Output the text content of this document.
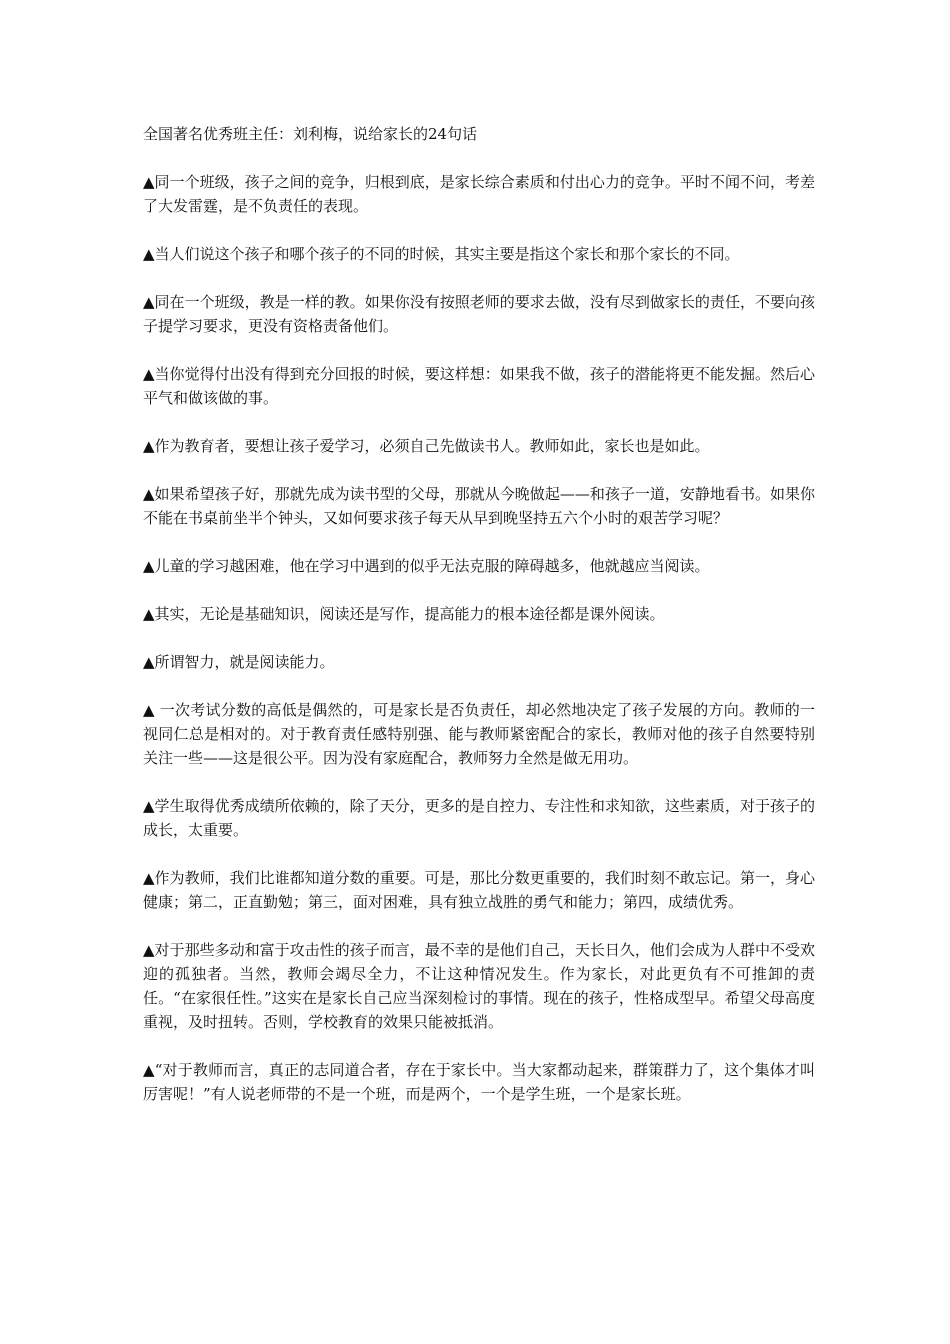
全国著名优秀班主任：刘利梅，说给家长的24句话

▲同一个班级，孩子之间的竞争，归根到底，是家长综合素质和付出心力的竞争。平时不闻不问，考差了大发雷霆，是不负责任的表现。

▲当人们说这个孩子和哪个孩子的不同的时候，其实主要是指这个家长和那个家长的不同。

▲同在一个班级，教是一样的教。如果你没有按照老师的要求去做，没有尽到做家长的责任，不要向孩子提学习要求，更没有资格责备他们。

▲当你觉得付出没有得到充分回报的时候，要这样想：如果我不做，孩子的潜能将更不能发掘。然后心平气和做该做的事。

▲作为教育者，要想让孩子爱学习，必须自己先做读书人。教师如此，家长也是如此。

▲如果希望孩子好，那就先成为读书型的父母，那就从今晚做起——和孩子一道，安静地看书。如果你不能在书桌前坐半个钟头，又如何要求孩子每天从早到晚坚持五六个小时的艰苦学习呢？

▲儿童的学习越困难，他在学习中遇到的似乎无法克服的障碍越多，他就越应当阅读。

▲其实，无论是基础知识，阅读还是写作，提高能力的根本途径都是课外阅读。

▲所谓智力，就是阅读能力。

▲ 一次考试分数的高低是偶然的，可是家长是否负责任，却必然地决定了孩子发展的方向。教师的一视同仁总是相对的。对于教育责任感特别强、能与教师紧密配合的家长，教师对他的孩子自然要特别关注一些——这是很公平。因为没有家庭配合，教师努力全然是做无用功。

▲学生取得优秀成绩所依赖的，除了天分，更多的是自控力、专注性和求知欲，这些素质，对于孩子的成长，太重要。

▲作为教师，我们比谁都知道分数的重要。可是，那比分数更重要的，我们时刻不敢忘记。第一，身心健康；第二，正直勤勉；第三，面对困难，具有独立战胜的勇气和能力；第四，成绩优秀。

▲对于那些多动和富于攻击性的孩子而言，最不幸的是他们自己，天长日久，他们会成为人群中不受欢迎的孤独者。当然，教师会竭尽全力，不让这种情况发生。作为家长，对此更负有不可推卸的责任。“在家很任性。”这实在是家长自己应当深刻检讨的事情。现在的孩子，性格成型早。希望父母高度重视，及时扭转。否则，学校教育的效果只能被抵消。

▲“对于教师而言，真正的志同道合者，存在于家长中。当大家都动起来，群策群力了，这个集体才叫厉害呢！”有人说老师带的不是一个班，而是两个，一个是学生班，一个是家长班。
